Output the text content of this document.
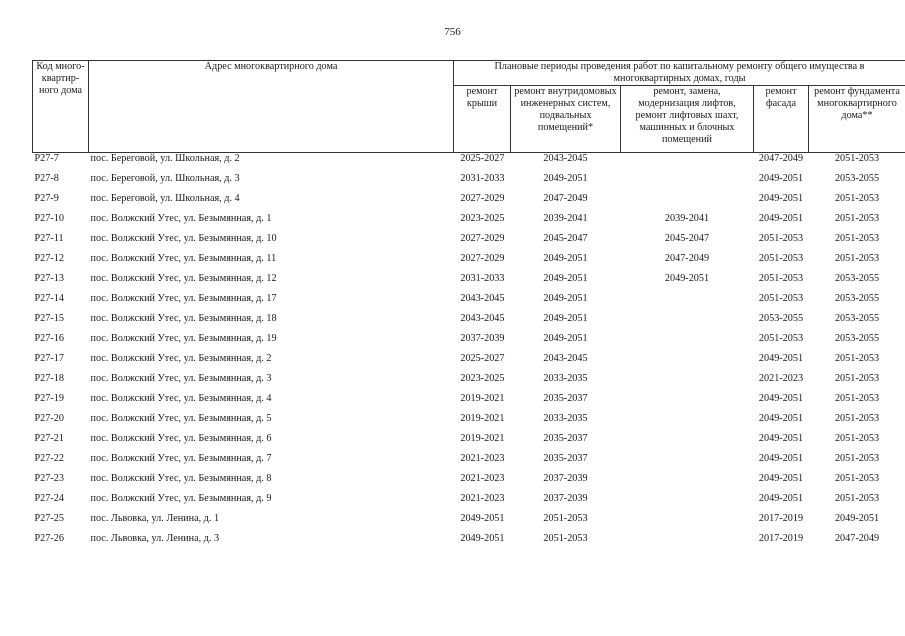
756
Код много-квартир-ного дома	Адрес многоквартирного дома	Плановые периоды проведения работ по капитальному ремонту общего имущества в многоквартирных домах, годы				
		ремонт крыши	ремонт внутридомовых инженерных систем, подвальных помещений*	ремонт, замена, модернизация лифтов, ремонт лифтовых шахт, машинных и блочных помещений	ремонт фасада	ремонт фундамента многоквартирного дома**
Р27-7	пос. Береговой, ул. Школьная, д. 2	2025-2027	2043-2045		2047-2049	2051-2053
Р27-8	пос. Береговой, ул. Школьная, д. 3	2031-2033	2049-2051		2049-2051	2053-2055
Р27-9	пос. Береговой, ул. Школьная, д. 4	2027-2029	2047-2049		2049-2051	2051-2053
Р27-10	пос. Волжский Утес, ул. Безымянная, д. 1	2023-2025	2039-2041	2039-2041	2049-2051	2051-2053
Р27-11	пос. Волжский Утес, ул. Безымянная, д. 10	2027-2029	2045-2047	2045-2047	2051-2053	2051-2053
Р27-12	пос. Волжский Утес, ул. Безымянная, д. 11	2027-2029	2049-2051	2047-2049	2051-2053	2051-2053
Р27-13	пос. Волжский Утес, ул. Безымянная, д. 12	2031-2033	2049-2051	2049-2051	2051-2053	2053-2055
Р27-14	пос. Волжский Утес, ул. Безымянная, д. 17	2043-2045	2049-2051		2051-2053	2053-2055
Р27-15	пос. Волжский Утес, ул. Безымянная, д. 18	2043-2045	2049-2051		2053-2055	2053-2055
Р27-16	пос. Волжский Утес, ул. Безымянная, д. 19	2037-2039	2049-2051		2051-2053	2053-2055
Р27-17	пос. Волжский Утес, ул. Безымянная, д. 2	2025-2027	2043-2045		2049-2051	2051-2053
Р27-18	пос. Волжский Утес, ул. Безымянная, д. 3	2023-2025	2033-2035		2021-2023	2051-2053
Р27-19	пос. Волжский Утес, ул. Безымянная, д. 4	2019-2021	2035-2037		2049-2051	2051-2053
Р27-20	пос. Волжский Утес, ул. Безымянная, д. 5	2019-2021	2033-2035		2049-2051	2051-2053
Р27-21	пос. Волжский Утес, ул. Безымянная, д. 6	2019-2021	2035-2037		2049-2051	2051-2053
Р27-22	пос. Волжский Утес, ул. Безымянная, д. 7	2021-2023	2035-2037		2049-2051	2051-2053
Р27-23	пос. Волжский Утес, ул. Безымянная, д. 8	2021-2023	2037-2039		2049-2051	2051-2053
Р27-24	пос. Волжский Утес, ул. Безымянная, д. 9	2021-2023	2037-2039		2049-2051	2051-2053
Р27-25	пос. Львовка, ул. Ленина, д. 1	2049-2051	2051-2053		2017-2019	2049-2051
Р27-26	пос. Львовка, ул. Ленина, д. 3	2049-2051	2051-2053		2017-2019	2047-2049
